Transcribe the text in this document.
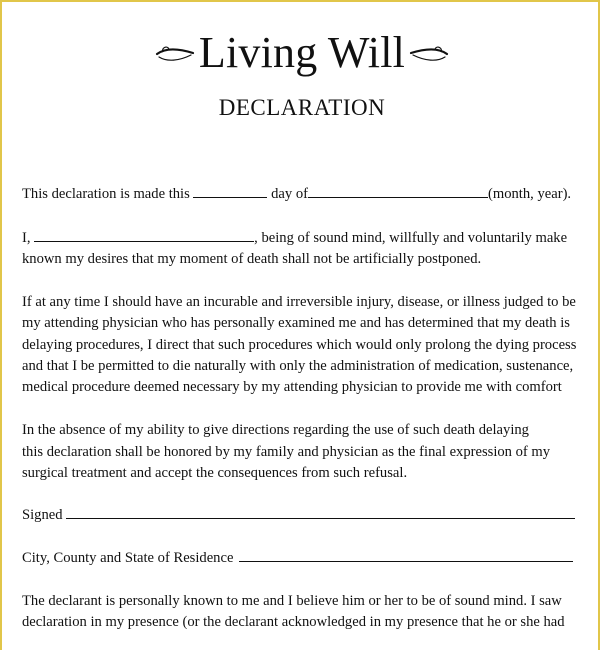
Living Will
DECLARATION
This declaration is made this	day of	(month, year).
I,	, being of sound mind, willfully and voluntarily make
known my desires that my moment of death shall not be artificially postponed.
If at any time I should have an incurable and irreversible injury, disease, or illness judged to be
my attending physician who has personally examined me and has determined that my death is
delaying procedures, I direct that such procedures which would only prolong the dying process
and that I be permitted to die naturally with only the administration of medication, sustenance,
medical procedure deemed necessary by my attending physician to provide me with comfort
In the absence of my ability to give directions regarding the use of such death delaying
this declaration shall be honored by my family and physician as the final expression of my
surgical treatment and accept the consequences from such refusal.
Signed
City, County and State of Residence
The declarant is personally known to me and I believe him or her to be of sound mind. I saw
declaration in my presence (or the declarant acknowledged in my presence that he or she had
